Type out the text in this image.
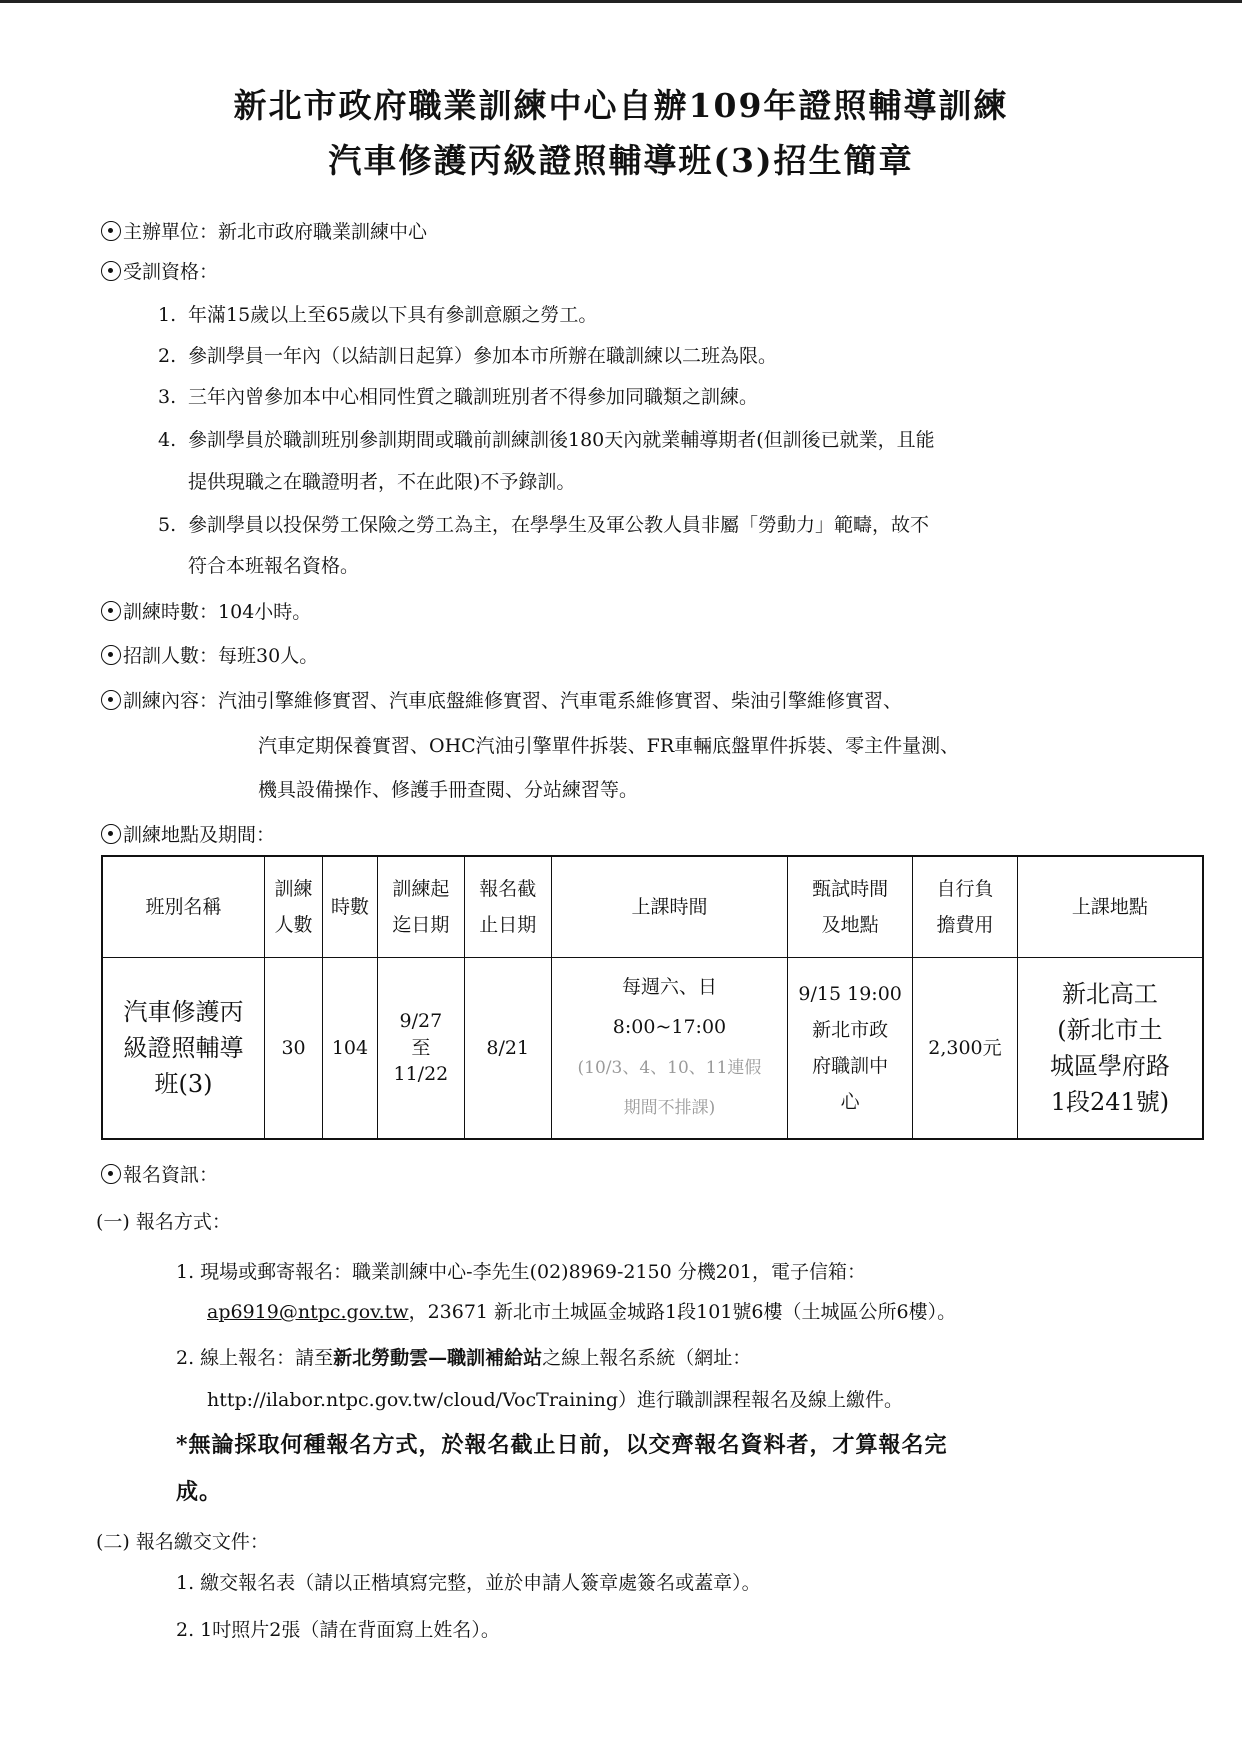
新北市政府職業訓練中心自辦109年證照輔導訓練
汽車修護丙級證照輔導班(3)招生簡章
主辦單位：新北市政府職業訓練中心
受訓資格：
1. 年滿15歲以上至65歲以下具有參訓意願之勞工。
2. 參訓學員一年內（以結訓日起算）參加本市所辦在職訓練以二班為限。
3. 三年內曾參加本中心相同性質之職訓班別者不得參加同職類之訓練。
4. 參訓學員於職訓班別參訓期間或職前訓練訓後180天內就業輔導期者(但訓後已就業，且能
提供現職之在職證明者，不在此限)不予錄訓。
5. 參訓學員以投保勞工保險之勞工為主，在學學生及軍公教人員非屬「勞動力」範疇，故不
符合本班報名資格。
訓練時數：104小時。
招訓人數：每班30人。
訓練內容：汽油引擎維修實習、汽車底盤維修實習、汽車電系維修實習、柴油引擎維修實習、
汽車定期保養實習、OHC汽油引擎單件拆裝、FR車輛底盤單件拆裝、零主件量測、
機具設備操作、修護手冊查閱、分站練習等。
訓練地點及期間：
班別名稱	訓練
人數	時數	訓練起
迄日期	報名截
止日期	上課時間	甄試時間
及地點	自行負
擔費用	上課地點
汽車修護丙
級證照輔導
班(3)	30	104	9/27
至
11/22	8/21	每週六、日
8:00~17:00
(10/3、4、10、11連假
期間不排課)	9/15 19:00
新北市政
府職訓中
心	2,300元	新北高工
(新北市土
城區學府路
1段241號)
報名資訊：
(一) 報名方式：
1. 現場或郵寄報名：職業訓練中心-李先生(02)8969-2150 分機201，電子信箱：
ap6919@ntpc.gov.tw，23671 新北市土城區金城路1段101號6樓（土城區公所6樓）。
2. 線上報名：請至新北勞動雲—職訓補給站之線上報名系統（網址：
http://ilabor.ntpc.gov.tw/cloud/VocTraining）進行職訓課程報名及線上繳件。
*無論採取何種報名方式，於報名截止日前，以交齊報名資料者，才算報名完
成。
(二) 報名繳交文件：
1. 繳交報名表（請以正楷填寫完整，並於申請人簽章處簽名或蓋章）。
2. 1吋照片2張（請在背面寫上姓名）。
